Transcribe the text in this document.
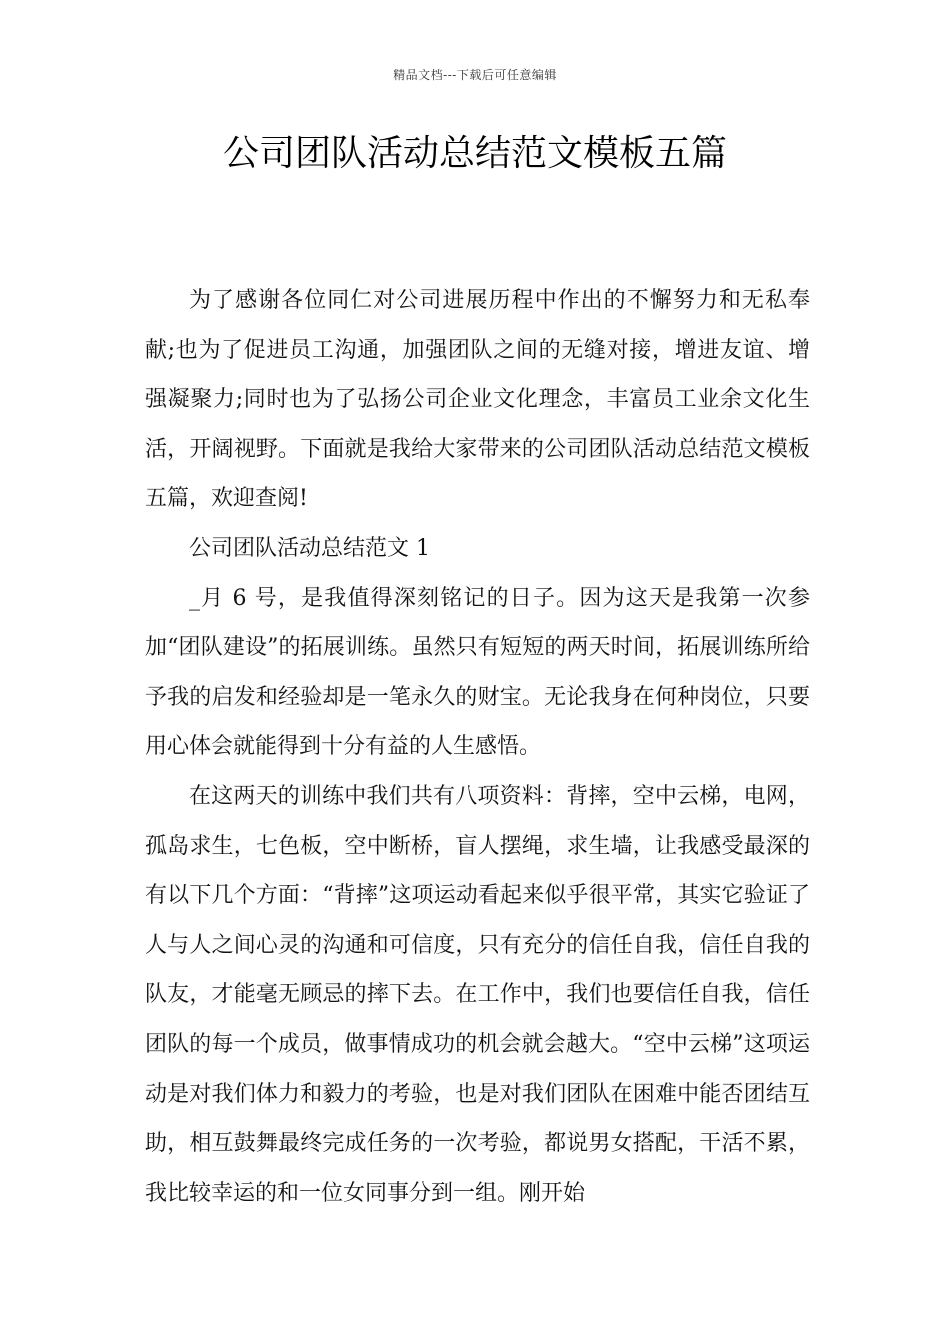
精品文档---下载后可任意编辑
公司团队活动总结范文模板五篇

为了感谢各位同仁对公司进展历程中作出的不懈努力和无私奉献;也为了促进员工沟通，加强团队之间的无缝对接，增进友谊、增强凝聚力;同时也为了弘扬公司企业文化理念，丰富员工业余文化生活，开阔视野。下面就是我给大家带来的公司团队活动总结范文模板五篇，欢迎查阅!

公司团队活动总结范文 1

_月 6 号，是我值得深刻铭记的日子。因为这天是我第一次参加“团队建设”的拓展训练。虽然只有短短的两天时间，拓展训练所给予我的启发和经验却是一笔永久的财宝。无论我身在何种岗位，只要用心体会就能得到十分有益的人生感悟。

在这两天的训练中我们共有八项资料：背摔，空中云梯，电网，孤岛求生，七色板，空中断桥，盲人摆绳，求生墙，让我感受最深的有以下几个方面：“背摔”这项运动看起来似乎很平常，其实它验证了人与人之间心灵的沟通和可信度，只有充分的信任自我，信任自我的队友，才能毫无顾忌的摔下去。在工作中，我们也要信任自我，信任团队的每一个成员，做事情成功的机会就会越大。“空中云梯”这项运动是对我们体力和毅力的考验，也是对我们团队在困难中能否团结互助，相互鼓舞最终完成任务的一次考验，都说男女搭配，干活不累，我比较幸运的和一位女同事分到一组。刚开始
